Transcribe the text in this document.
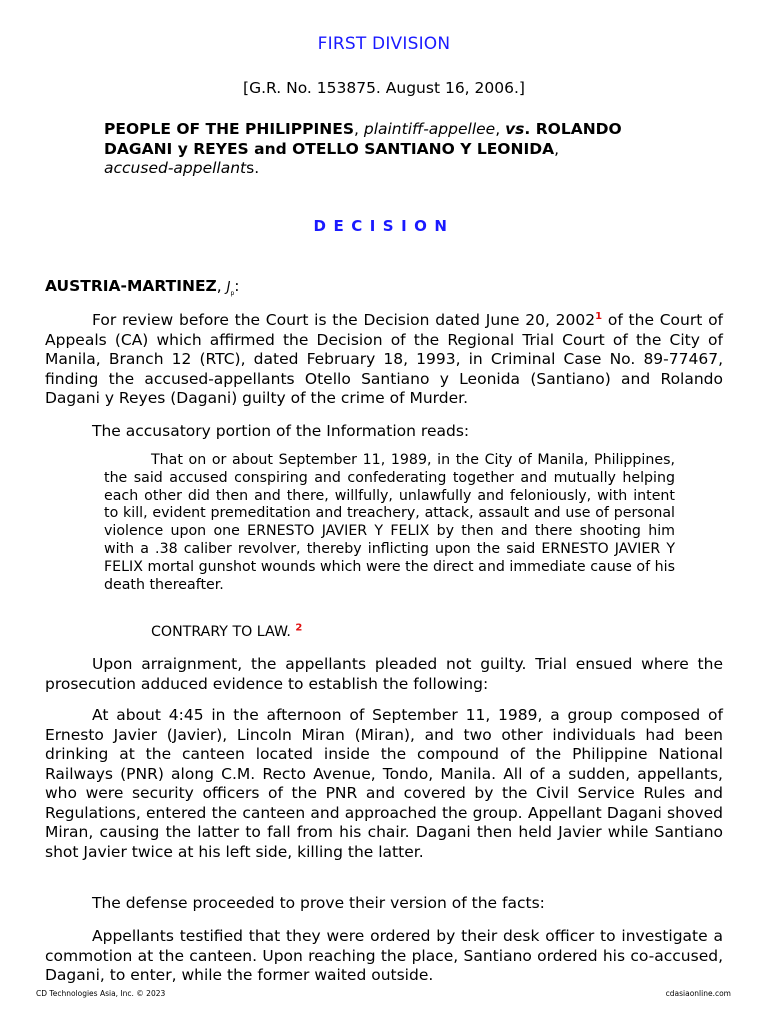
FIRST DIVISION
[G.R. No. 153875. August 16, 2006.]
PEOPLE OF THE PHILIPPINES, plaintiff-appellee, vs. ROLANDO DAGANI y REYES and OTELLO SANTIANO Y LEONIDA,
accused-appellants.
DECISION
AUSTRIA-MARTINEZ, $J_p$:

For review before the Court is the Decision dated June 20, 2002$^1$ of the Court of Appeals (CA) which affirmed the Decision of the Regional Trial Court of the City of Manila, Branch 12 (RTC), dated February 18, 1993, in Criminal Case No. 89-77467, finding the accused-appellants Otello Santiano y Leonida (Santiano) and Rolando Dagani y Reyes (Dagani) guilty of the crime of Murder.

The accusatory portion of the Information reads:

That on or about September 11, 1989, in the City of Manila, Philippines, the said accused conspiring and confederating together and mutually helping each other did then and there, willfully, unlawfully and feloniously, with intent to kill, evident premeditation and treachery, attack, assault and use of personal violence upon one ERNESTO JAVIER Y FELIX by then and there shooting him with a .38 caliber revolver, thereby inflicting upon the said ERNESTO JAVIER Y FELIX mortal gunshot wounds which were the direct and immediate cause of his death thereafter.

CONTRARY TO LAW. $^2$

Upon arraignment, the appellants pleaded not guilty. Trial ensued where the prosecution adduced evidence to establish the following:

At about 4:45 in the afternoon of September 11, 1989, a group composed of Ernesto Javier (Javier), Lincoln Miran (Miran), and two other individuals had been drinking at the canteen located inside the compound of the Philippine National Railways (PNR) along C.M. Recto Avenue, Tondo, Manila. All of a sudden, appellants, who were security officers of the PNR and covered by the Civil Service Rules and Regulations, entered the canteen and approached the group. Appellant Dagani shoved Miran, causing the latter to fall from his chair. Dagani then held Javier while Santiano shot Javier twice at his left side, killing the latter.

The defense proceeded to prove their version of the facts:

Appellants testified that they were ordered by their desk officer to investigate a commotion at the canteen. Upon reaching the place, Santiano ordered his co-accused, Dagani, to enter, while the former waited outside.

CD Technologies Asia, Inc. © 2023	cdasiaonline.com
